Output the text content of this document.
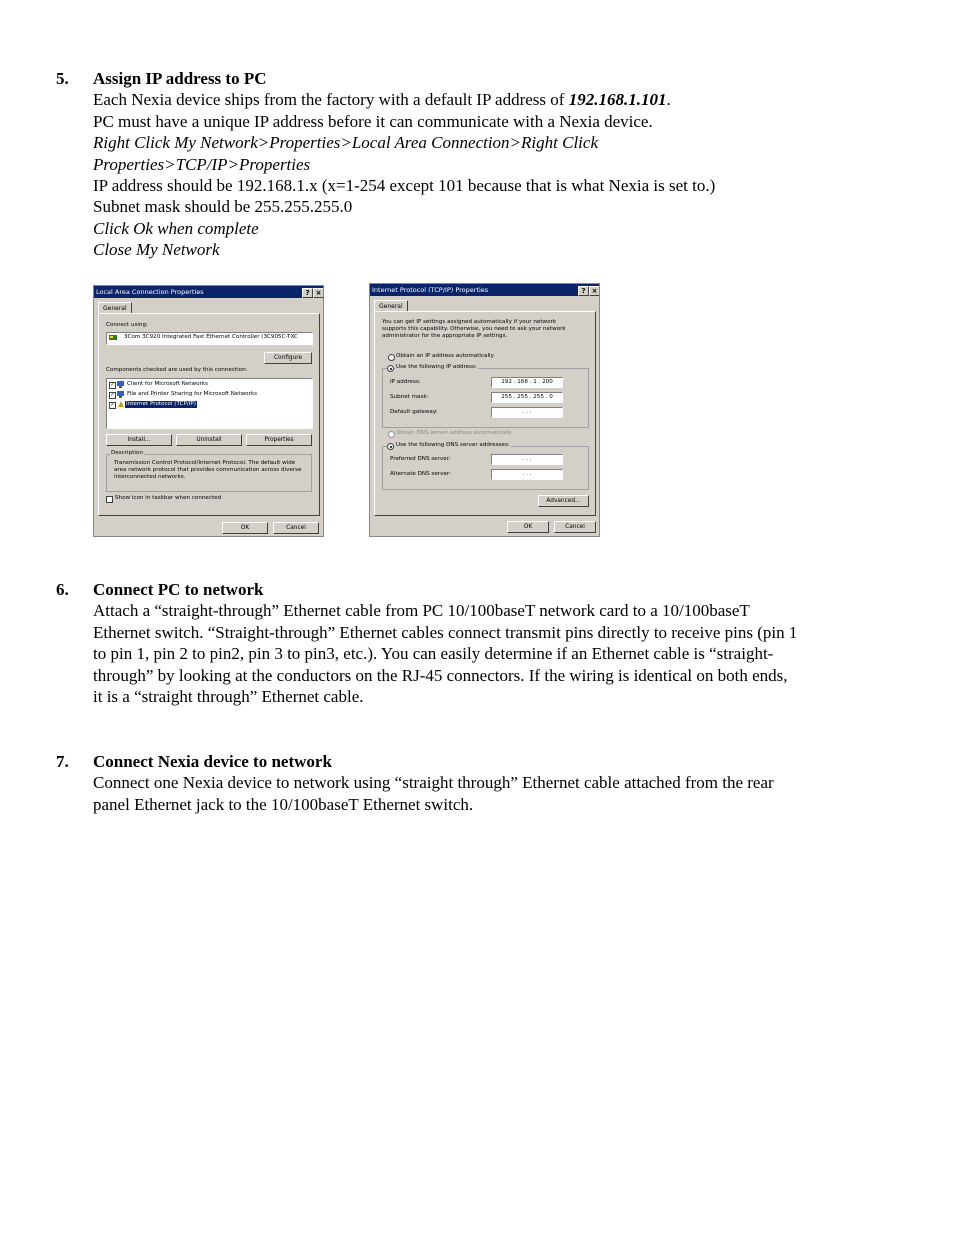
5. Assign IP address to PC

Each Nexia device ships from the factory with a default IP address of 192.168.1.101.

PC must have a unique IP address before it can communicate with a Nexia device.

Right Click My Network>Properties>Local Area Connection>Right Click

Properties>TCP/IP>Properties

IP address should be 192.168.1.x (x=1-254 except 101 because that is what Nexia is set to.)

Subnet mask should be 255.255.255.0

Click Ok when complete

Close My Network

Local Area Connection Properties	? ×
General
Connect using:
3Com 3C920 Integrated Fast Ethernet Controller (3C905C-TXC
Configure
Components checked are used by this connection:
✓ Client for Microsoft Networks
✓ File and Printer Sharing for Microsoft Networks
✓ Internet Protocol (TCP/IP)
Install...	Uninstall	Properties
Description
Transmission Control Protocol/Internet Protocol. The default wide area network protocol that provides communication across diverse interconnected networks.
Show icon in taskbar when connected
OK	Cancel
Internet Protocol (TCP/IP) Properties	? ×
General
You can get IP settings assigned automatically if your network supports this capability. Otherwise, you need to ask your network administrator for the appropriate IP settings.
Obtain an IP address automatically
Use the following IP address:
IP address:	192 . 168 . 1 . 200
Subnet mask:	255 . 255 . 255 . 0
Default gateway:	. . .
Obtain DNS server address automatically
Use the following DNS server addresses:
Preferred DNS server:	. . .
Alternate DNS server:	. . .
Advanced...
OK	Cancel
6. Connect PC to network

Attach a “straight-through” Ethernet cable from PC 10/100baseT network card to a 10/100baseT

Ethernet switch. “Straight-through” Ethernet cables connect transmit pins directly to receive pins (pin 1

to pin 1, pin 2 to pin2, pin 3 to pin3, etc.). You can easily determine if an Ethernet cable is “straight-

through” by looking at the conductors on the RJ-45 connectors. If the wiring is identical on both ends,

it is a “straight through” Ethernet cable.

7. Connect Nexia device to network

Connect one Nexia device to network using “straight through” Ethernet cable attached from the rear

panel Ethernet jack to the 10/100baseT Ethernet switch.
